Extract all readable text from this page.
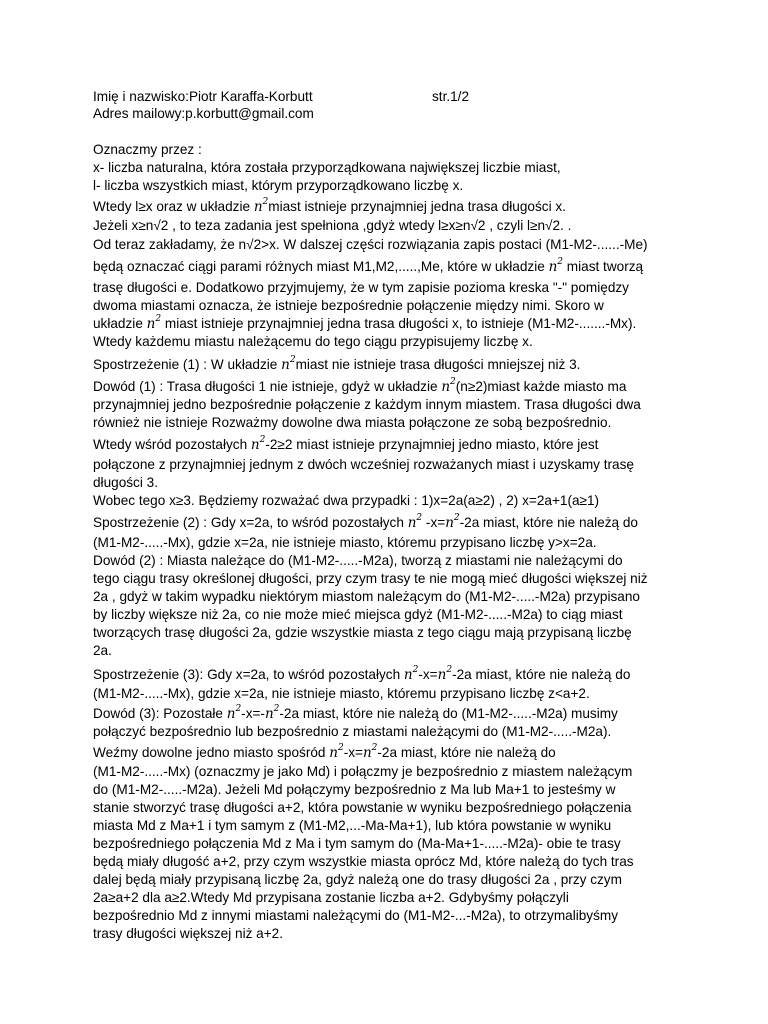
Imię i nazwisko:Piotr Karaffa-Korbutt	str.1/2
Adres mailowy:p.korbutt@gmail.com
Oznaczmy przez :
x- liczba naturalna, która została przyporządkowana największej liczbie miast,
l- liczba wszystkich miast, którym przyporządkowano liczbę x.
Wtedy l≥x oraz w układzie $n^2miast$ istnieje przynajmniej jedna trasa długości x.
Jeżeli x≥n√2 , to teza zadania jest spełniona ,gdyż wtedy l≥x≥n√2 , czyli l≥n√2. .
Od teraz zakładamy, że n√2>x. W dalszej części rozwiązania zapis postaci (M1-M2-......-Me)
będą oznaczać ciągi parami różnych miast M1,M2,.....,Me, które w układzie $n^2$ miast tworzą
trasę długości e. Dodatkowo przyjmujemy, że w tym zapisie pozioma kreska "-" pomiędzy
dwoma miastami oznacza, że istnieje bezpośrednie połączenie między nimi. Skoro w
układzie $n^2$ miast istnieje przynajmniej jedna trasa długości x, to istnieje (M1-M2-.......-Mx).
Wtedy każdemu miastu należącemu do tego ciągu przypisujemy liczbę x.
Spostrzeżenie (1) : W układzie $n^2miast$ nie istnieje trasa długości mniejszej niż 3.
Dowód (1) : Trasa długości 1 nie istnieje, gdyż w układzie $n^2(n\ge 2)miast$ każde miasto ma
przynajmniej jedno bezpośrednie połączenie z każdym innym miastem. Trasa długości dwa
również nie istnieje Rozważmy dowolne dwa miasta połączone ze sobą bezpośrednio.
Wtedy wśród pozostałych $n^2-2\ge 2$ miast istnieje przynajmniej jedno miasto, które jest
połączone z przynajmniej jednym z dwóch wcześniej rozważanych miast i uzyskamy trasę
długości 3.
Wobec tego x≥3. Będziemy rozważać dwa przypadki : 1)x=2a(a≥2) , 2) x=2a+1(a≥1)
Spostrzeżenie (2) : Gdy x=2a, to wśród pozostałych $n^2$ $-x=n^2-2a$ miast, które nie należą do
(M1-M2-.....-Mx), gdzie x=2a, nie istnieje miasto, któremu przypisano liczbę y>x=2a.
Dowód (2) : Miasta należące do (M1-M2-.....-M2a), tworzą z miastami nie należącymi do
tego ciągu trasy określonej długości, przy czym trasy te nie mogą mieć długości większej niż
2a , gdyż w takim wypadku niektórym miastom należącym do (M1-M2-.....-M2a) przypisano
by liczby większe niż 2a, co nie może mieć miejsca gdyż (M1-M2-.....-M2a) to ciąg miast
tworzących trasę długości 2a, gdzie wszystkie miasta z tego ciągu mają przypisaną liczbę
2a.
Spostrzeżenie (3): Gdy x=2a, to wśród pozostałych $n^2-x=n^2-2a$ miast, które nie należą do
(M1-M2-.....-Mx), gdzie x=2a, nie istnieje miasto, któremu przypisano liczbę z<a+2.
Dowód (3): Pozostałe $n^2-x=-n^2-2a$ miast, które nie należą do (M1-M2-.....-M2a) musimy
połączyć bezpośrednio lub bezpośrednio z miastami należącymi do (M1-M2-.....-M2a).
Weźmy dowolne jedno miasto spośród $n^2-x=n^2-2a$ miast, które nie należą do
(M1-M2-.....-Mx) (oznaczmy je jako Md) i połączmy je bezpośrednio z miastem należącym
do (M1-M2-.....-M2a). Jeżeli Md połączymy bezpośrednio z Ma lub Ma+1 to jesteśmy w
stanie stworzyć trasę długości a+2, która powstanie w wyniku bezpośredniego połączenia
miasta Md z Ma+1 i tym samym z (M1-M2,...-Ma-Ma+1), lub która powstanie w wyniku
bezpośredniego połączenia Md z Ma i tym samym do (Ma-Ma+1-.....-M2a)- obie te trasy
będą miały długość a+2, przy czym wszystkie miasta oprócz Md, które należą do tych tras
dalej będą miały przypisaną liczbę 2a, gdyż należą one do trasy długości 2a , przy czym
2a≥a+2 dla a≥2.Wtedy Md przypisana zostanie liczba a+2. Gdybyśmy połączyli
bezpośrednio Md z innymi miastami należącymi do (M1-M2-...-M2a), to otrzymalibyśmy
trasy długości większej niż a+2.
